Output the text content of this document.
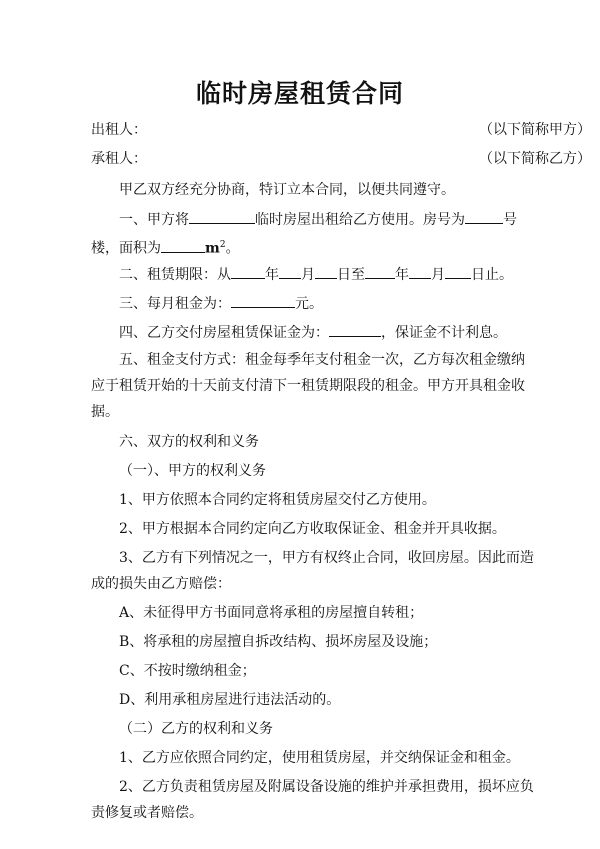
临时房屋租赁合同
出租人：	（以下简称甲方）
承租人：	（以下简称乙方）
甲乙双方经充分协商，特订立本合同，以便共同遵守。
一、甲方将	临时房屋出租给乙方使用。房号为	号
楼，面积为	$m^2$。
二、租赁期限：从 年 月 日至 年 月 日止。
三、每月租金为：	元。
四、乙方交付房屋租赁保证金为：	，保证金不计利息。
五、租金支付方式：租金每季年支付租金一次，乙方每次租金缴纳
应于租赁开始的十天前支付清下一租赁期限段的租金。甲方开具租金收
据。
六、双方的权利和义务
（一）、甲方的权利义务
1、甲方依照本合同约定将租赁房屋交付乙方使用。
2、甲方根据本合同约定向乙方收取保证金、租金并开具收据。
3、乙方有下列情况之一，甲方有权终止合同，收回房屋。因此而造
成的损失由乙方赔偿：
A、未征得甲方书面同意将承租的房屋擅自转租；
B、将承租的房屋擅自拆改结构、损坏房屋及设施；
C、不按时缴纳租金；
D、利用承租房屋进行违法活动的。
（二）乙方的权利和义务
1、乙方应依照合同约定，使用租赁房屋，并交纳保证金和租金。
2、乙方负责租赁房屋及附属设备设施的维护并承担费用，损坏应负
责修复或者赔偿。
